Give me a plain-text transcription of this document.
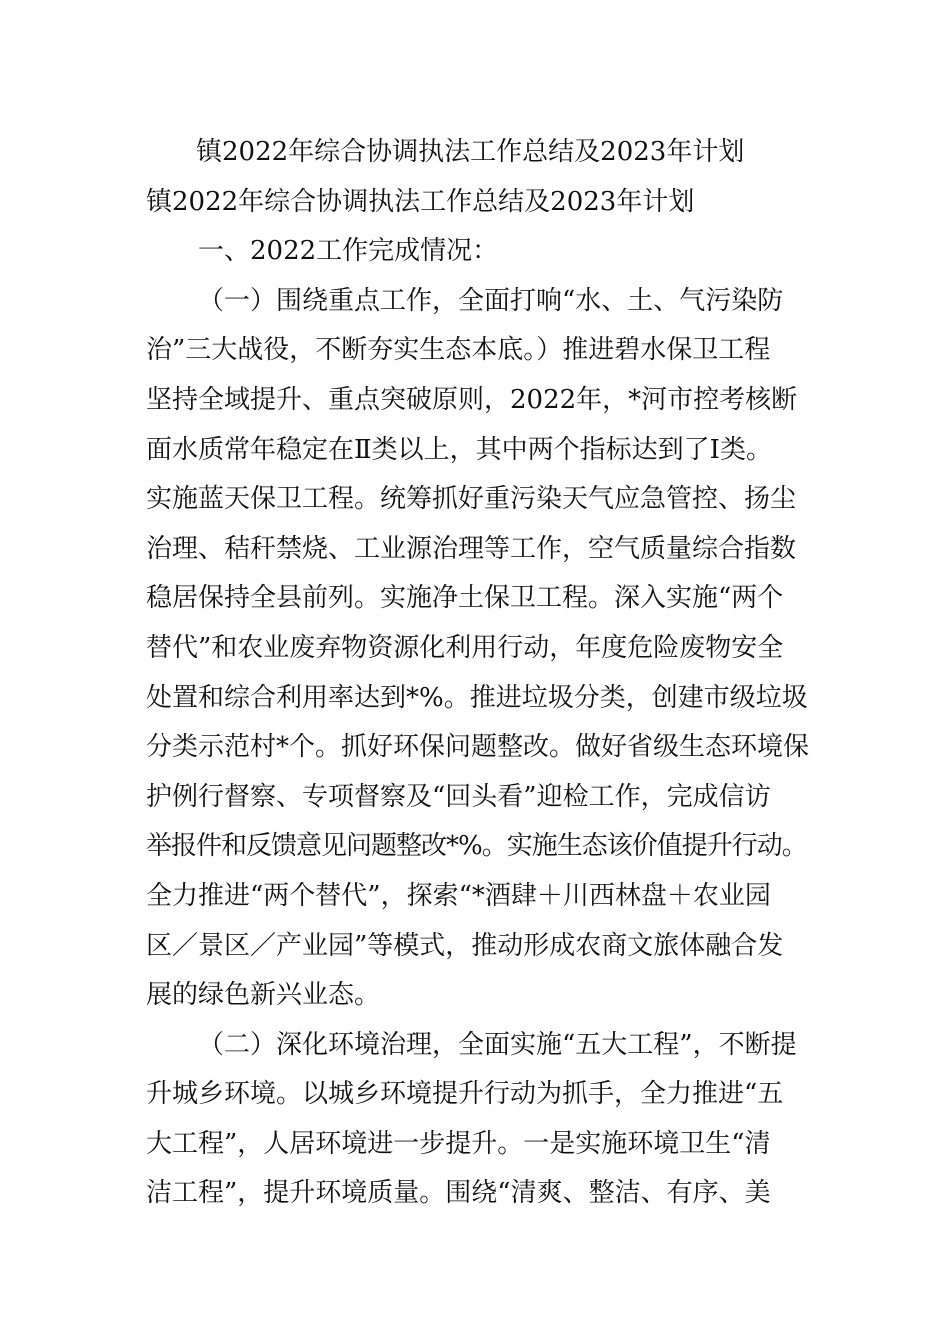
镇2022年综合协调执法工作总结及2023年计划
镇2022年综合协调执法工作总结及2023年计划
一、2022工作完成情况：
（一）围绕重点工作，全面打响“水、土、气污染防
治”三大战役，不断夯实生态本底。）推进碧水保卫工程
坚持全域提升、重点突破原则，2022年，*河市控考核断
面水质常年稳定在Ⅱ类以上，其中两个指标达到了Ⅰ类。
实施蓝天保卫工程。统筹抓好重污染天气应急管控、扬尘
治理、秸秆禁烧、工业源治理等工作，空气质量综合指数
稳居保持全县前列。实施净土保卫工程。深入实施“两个
替代”和农业废弃物资源化利用行动，年度危险废物安全
处置和综合利用率达到*%。推进垃圾分类，创建市级垃圾
分类示范村*个。抓好环保问题整改。做好省级生态环境保
护例行督察、专项督察及“回头看”迎检工作，完成信访
举报件和反馈意见问题整改*%。实施生态该价值提升行动。
全力推进“两个替代”，探索“*酒肆＋川西林盘＋农业园
区／景区／产业园”等模式，推动形成农商文旅体融合发
展的绿色新兴业态。
（二）深化环境治理，全面实施“五大工程”，不断提
升城乡环境。以城乡环境提升行动为抓手，全力推进“五
大工程”，人居环境进一步提升。一是实施环境卫生“清
洁工程”，提升环境质量。围绕“清爽、整洁、有序、美
